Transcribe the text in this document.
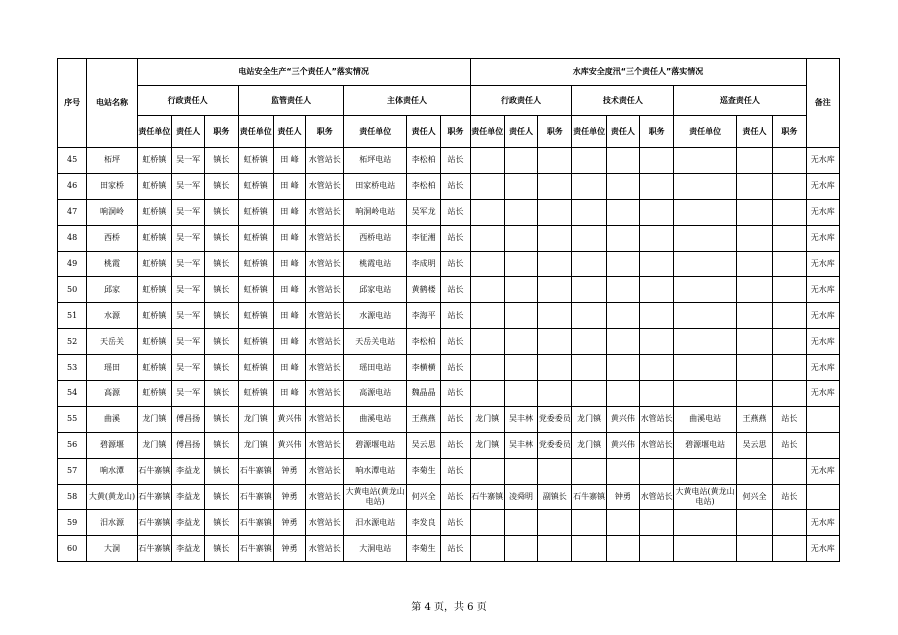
序号	电站名称	电站安全生产“三个责任人”落实情况									水库安全度汛“三个责任人”落实情况									备注
		行政责任人			监管责任人			主体责任人			行政责任人			技术责任人			巡查责任人			
		责任单位	责任人	职务	责任单位	责任人	职务	责任单位	责任人	职务	责任单位	责任人	职务	责任单位	责任人	职务	责任单位	责任人	职务	
45	柘坪	虹桥镇	吴一军	镇长	虹桥镇	田 峰	水管站长	柘坪电站	李松柏	站长										无水库
46	田家桥	虹桥镇	吴一军	镇长	虹桥镇	田 峰	水管站长	田家桥电站	李松柏	站长										无水库
47	响洞岭	虹桥镇	吴一军	镇长	虹桥镇	田 峰	水管站长	响洞岭电站	吴军龙	站长										无水库
48	西桥	虹桥镇	吴一军	镇长	虹桥镇	田 峰	水管站长	西桥电站	李征湘	站长										无水库
49	桃霞	虹桥镇	吴一军	镇长	虹桥镇	田 峰	水管站长	桃霞电站	李成明	站长										无水库
50	邱家	虹桥镇	吴一军	镇长	虹桥镇	田 峰	水管站长	邱家电站	黄鹤楼	站长										无水库
51	水源	虹桥镇	吴一军	镇长	虹桥镇	田 峰	水管站长	水源电站	李海平	站长										无水库
52	天岳关	虹桥镇	吴一军	镇长	虹桥镇	田 峰	水管站长	天岳关电站	李松柏	站长										无水库
53	瑶田	虹桥镇	吴一军	镇长	虹桥镇	田 峰	水管站长	瑶田电站	李横横	站长										无水库
54	高源	虹桥镇	吴一军	镇长	虹桥镇	田 峰	水管站长	高源电站	魏晶晶	站长										无水库
55	曲溪	龙门镇	傅昌扬	镇长	龙门镇	黄兴伟	水管站长	曲溪电站	王燕燕	站长	龙门镇	吴丰林	党委委员	龙门镇	黄兴伟	水管站长	曲溪电站	王燕燕	站长	
56	碧源堰	龙门镇	傅昌扬	镇长	龙门镇	黄兴伟	水管站长	碧源堰电站	吴云思	站长	龙门镇	吴丰林	党委委员	龙门镇	黄兴伟	水管站长	碧源堰电站	吴云思	站长	
57	响水潭	石牛寨镇	李益龙	镇长	石牛寨镇	钟勇	水管站长	响水潭电站	李菊生	站长										无水库
58	大黄(黄龙山)	石牛寨镇	李益龙	镇长	石牛寨镇	钟勇	水管站长	大黄电站(黄龙山电站)	何兴全	站长	石牛寨镇	凌舜明	副镇长	石牛寨镇	钟勇	水管站长	大黄电站(黄龙山电站)	何兴全	站长	
59	汨水源	石牛寨镇	李益龙	镇长	石牛寨镇	钟勇	水管站长	汨水源电站	李发良	站长										无水库
60	大洞	石牛寨镇	李益龙	镇长	石牛寨镇	钟勇	水管站长	大洞电站	李菊生	站长										无水库
第 4 页，共 6 页
